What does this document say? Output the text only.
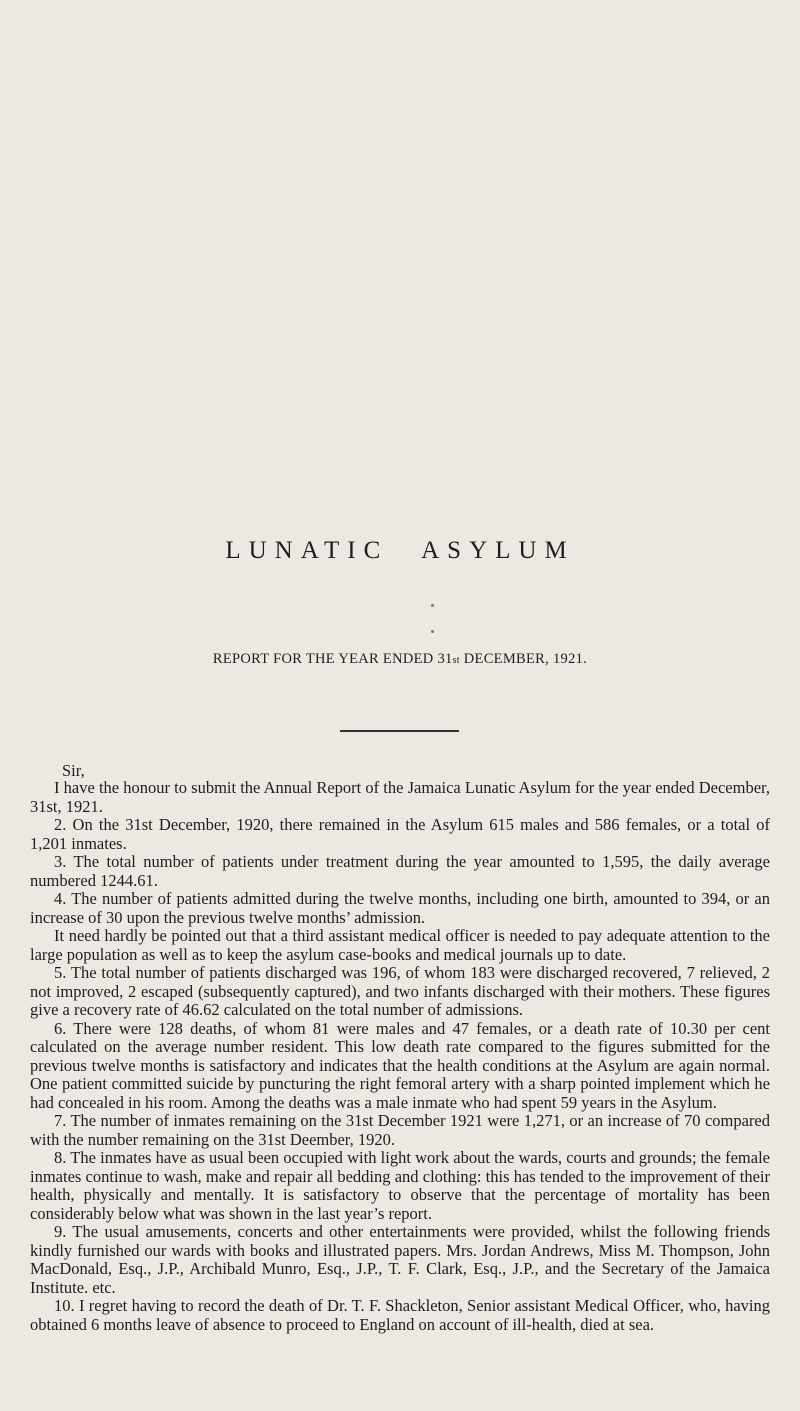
LUNATIC ASYLUM
REPORT FOR THE YEAR ENDED 31st DECEMBER, 1921.

Sir,

I have the honour to submit the Annual Report of the Jamaica Lunatic Asylum for the year ended December, 31st, 1921.

2. On the 31st December, 1920, there remained in the Asylum 615 males and 586 females, or a total of 1,201 inmates.

3. The total number of patients under treatment during the year amounted to 1,595, the daily average numbered 1244.61.

4. The number of patients admitted during the twelve months, including one birth, amounted to 394, or an increase of 30 upon the previous twelve months’ admission.

It need hardly be pointed out that a third assistant medical officer is needed to pay adequate attention to the large population as well as to keep the asylum case-books and medical journals up to date.

5. The total number of patients discharged was 196, of whom 183 were discharged recovered, 7 relieved, 2 not improved, 2 escaped (subsequently captured), and two infants discharged with their mothers. These figures give a recovery rate of 46.62 calculated on the total number of admissions.

6. There were 128 deaths, of whom 81 were males and 47 females, or a death rate of 10.30 per cent calculated on the average number resident. This low death rate compared to the figures submitted for the previous twelve months is satisfactory and indicates that the health conditions at the Asylum are again normal. One patient committed suicide by puncturing the right femoral artery with a sharp pointed implement which he had concealed in his room. Among the deaths was a male inmate who had spent 59 years in the Asylum.

7. The number of inmates remaining on the 31st December 1921 were 1,271, or an increase of 70 compared with the number remaining on the 31st Deember, 1920.

8. The inmates have as usual been occupied with light work about the wards, courts and grounds; the female inmates continue to wash, make and repair all bedding and clothing: this has tended to the improvement of their health, physically and mentally. It is satisfactory to observe that the percentage of mortality has been considerably below what was shown in the last year’s report.

9. The usual amusements, concerts and other entertainments were provided, whilst the following friends kindly furnished our wards with books and illustrated papers. Mrs. Jordan Andrews, Miss M. Thompson, John MacDonald, Esq., J.P., Archibald Munro, Esq., J.P., T. F. Clark, Esq., J.P., and the Secretary of the Jamaica Institute. etc.

10. I regret having to record the death of Dr. T. F. Shackleton, Senior assistant Medical Officer, who, having obtained 6 months leave of absence to proceed to England on account of ill-health, died at sea.
